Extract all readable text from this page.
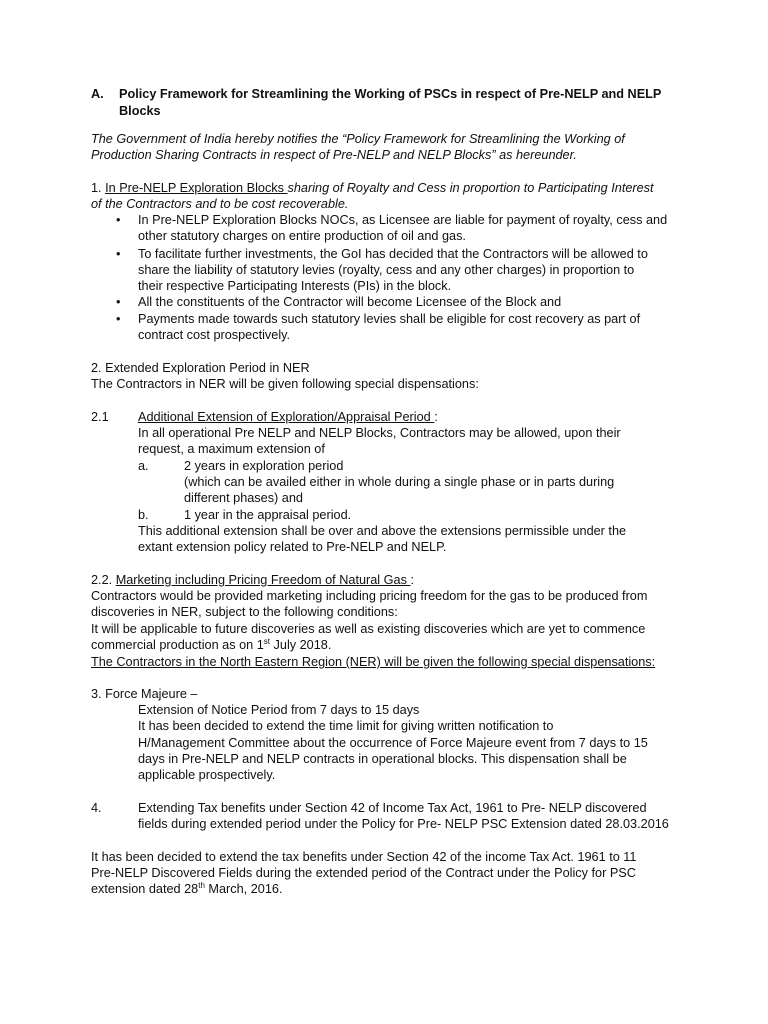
A. Policy Framework for Streamlining the Working of PSCs in respect of Pre-NELP and NELP
Blocks
The Government of India hereby notifies the “Policy Framework for Streamlining the Working of
Production Sharing Contracts in respect of Pre-NELP and NELP Blocks” as hereunder.
1. In Pre-NELP Exploration Blocks sharing of Royalty and Cess in proportion to Participating Interest
of the Contractors and to be cost recoverable.
• In Pre-NELP Exploration Blocks NOCs, as Licensee are liable for payment of royalty, cess and
other statutory charges on entire production of oil and gas.
• To facilitate further investments, the GoI has decided that the Contractors will be allowed to
share the liability of statutory levies (royalty, cess and any other charges) in proportion to
their respective Participating Interests (PIs) in the block.
• All the constituents of the Contractor will become Licensee of the Block and
• Payments made towards such statutory levies shall be eligible for cost recovery as part of
contract cost prospectively.
2. Extended Exploration Period in NER
The Contractors in NER will be given following special dispensations:
2.1 Additional Extension of Exploration/Appraisal Period :
In all operational Pre NELP and NELP Blocks, Contractors may be allowed, upon their
request, a maximum extension of
a.	2 years in exploration period
(which can be availed either in whole during a single phase or in parts during
different phases) and
b.	1 year in the appraisal period.
This additional extension shall be over and above the extensions permissible under the
extant extension policy related to Pre-NELP and NELP.
2.2. Marketing including Pricing Freedom of Natural Gas :
Contractors would be provided marketing including pricing freedom for the gas to be produced from
discoveries in NER, subject to the following conditions:
It will be applicable to future discoveries as well as existing discoveries which are yet to commence
commercial production as on 1st July 2018.
The Contractors in the North Eastern Region (NER) will be given the following special dispensations:
3. Force Majeure –
Extension of Notice Period from 7 days to 15 days
It has been decided to extend the time limit for giving written notification to
H/Management Committee about the occurrence of Force Majeure event from 7 days to 15
days in Pre-NELP and NELP contracts in operational blocks. This dispensation shall be
applicable prospectively.
4.	Extending Tax benefits under Section 42 of Income Tax Act, 1961 to Pre- NELP discovered
fields during extended period under the Policy for Pre- NELP PSC Extension dated 28.03.2016
It has been decided to extend the tax benefits under Section 42 of the income Tax Act. 1961 to 11
Pre-NELP Discovered Fields during the extended period of the Contract under the Policy for PSC
extension dated 28th March, 2016.
